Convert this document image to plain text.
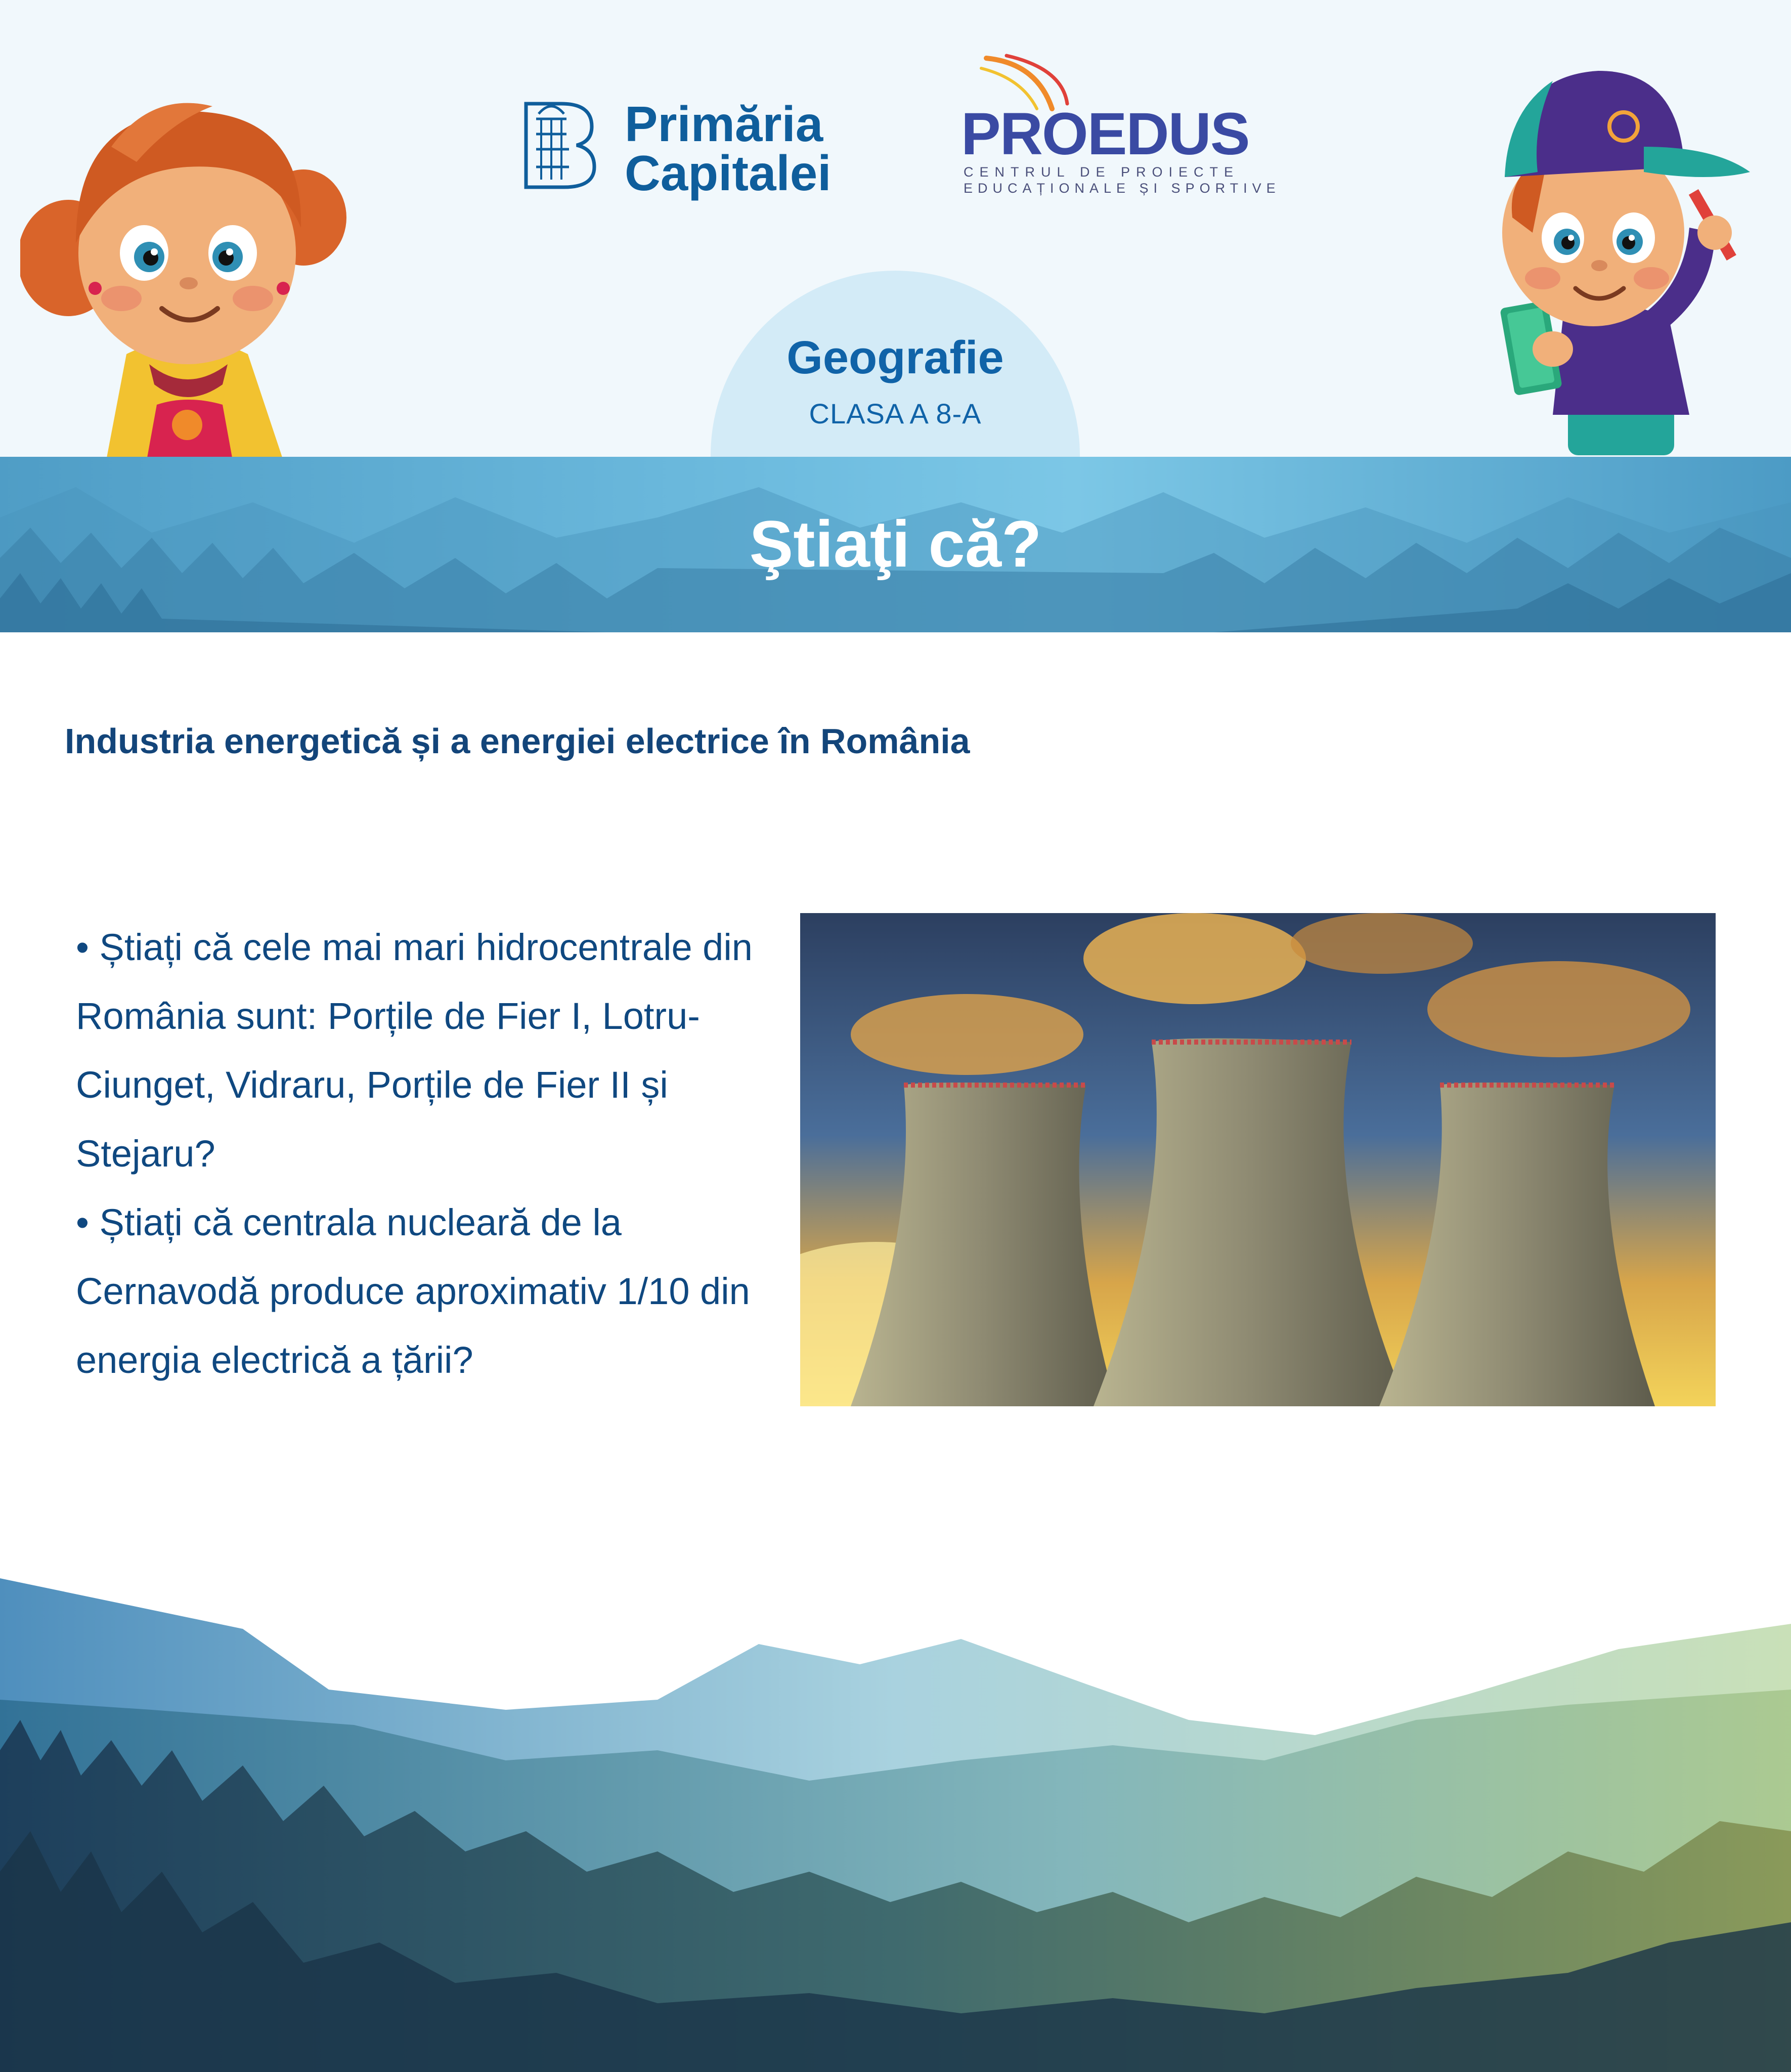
Primăria
Capitalei
PROEDUS
CENTRUL DE PROIECTE
EDUCAȚIONALE ȘI SPORTIVE
Geografie
CLASA A 8-A
Ştiaţi că?
Industria energetică și a energiei electrice în România

• Știați că cele mai mari hidrocentrale din România sunt: Porțile de Fier I, Lotru-Ciunget, Vidraru, Porțile de Fier II și Stejaru?

• Știați că centrala nucleară de la Cernavodă produce aproximativ 1/10 din energia electrică a țării?
